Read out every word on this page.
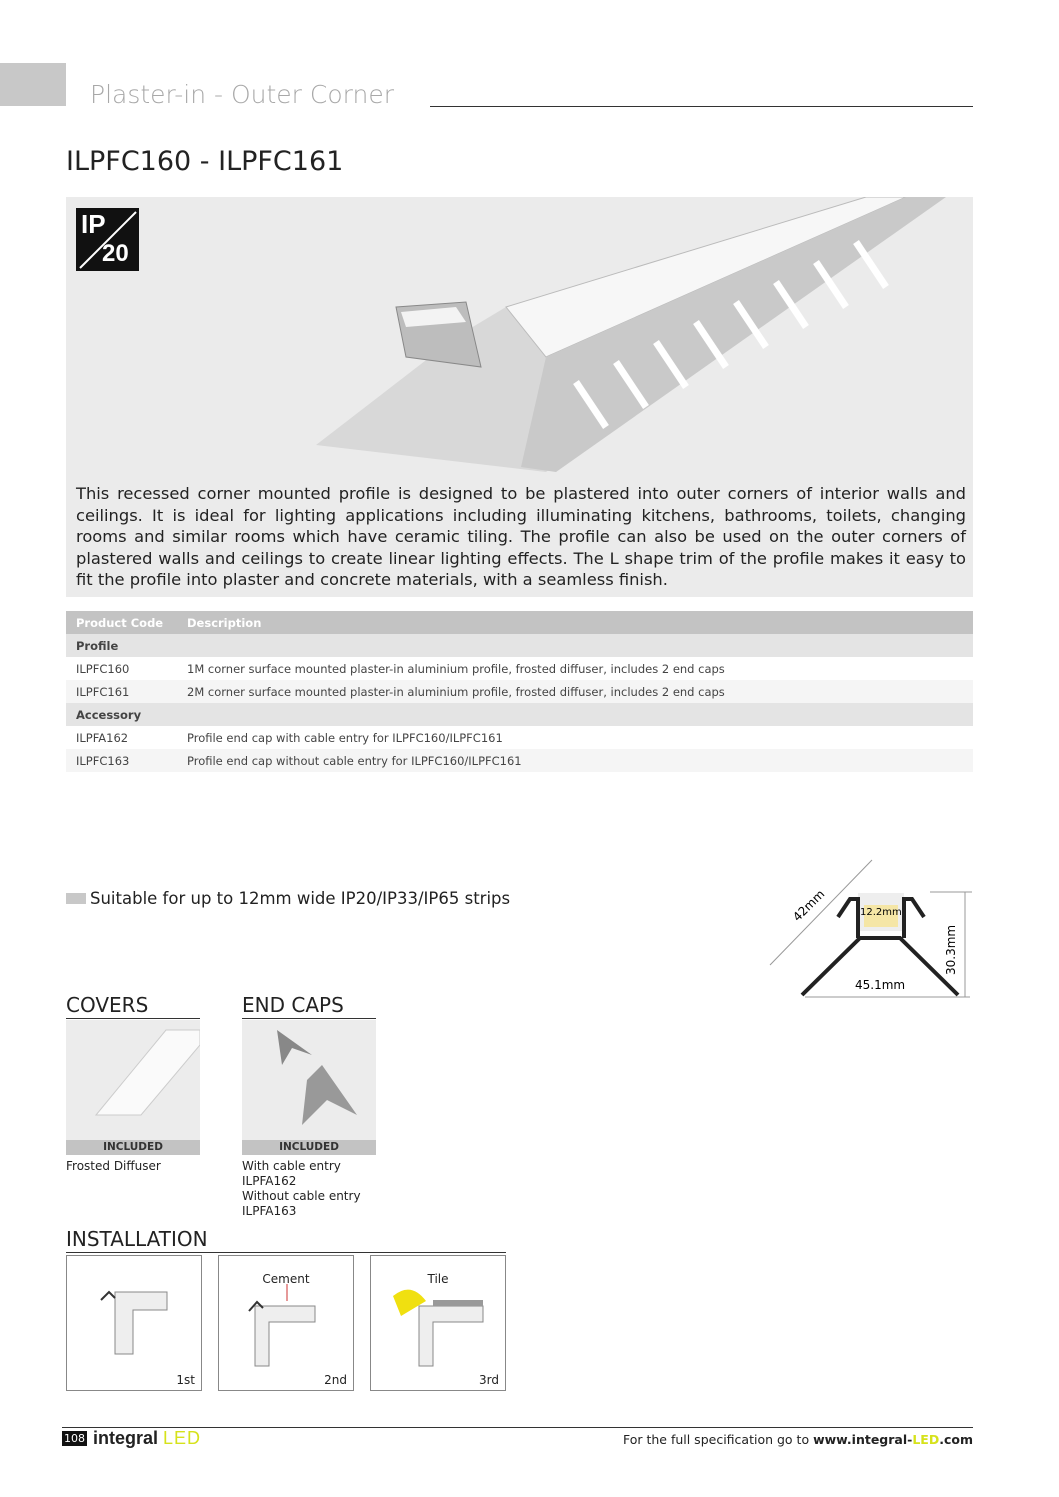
Plaster-in - Outer Corner
ILPFC160 - ILPFC161
IP
20

This recessed corner mounted profile is designed to be plastered into outer corners of interior walls and ceilings. It is ideal for lighting applications including illuminating kitchens, bathrooms, toilets, changing rooms and similar rooms which have ceramic tiling. The profile can also be used on the outer corners of plastered walls and ceilings to create linear lighting effects. The L shape trim of the profile makes it easy to fit the profile into plaster and concrete materials, with a seamless finish.

Product Code	Description
Profile	
ILPFC160	1M corner surface mounted plaster-in aluminium profile, frosted diffuser, includes 2 end caps
ILPFC161	2M corner surface mounted plaster-in aluminium profile, frosted diffuser, includes 2 end caps
Accessory	
ILPFA162	Profile end cap with cable entry for ILPFC160/ILPFC161
ILPFC163	Profile end cap without cable entry for ILPFC160/ILPFC161
Suitable for up to 12mm wide IP20/IP33/IP65 strips	42mm	12.2mm
30.3mm
45.1mm
COVERS	END CAPS
INCLUDED	INCLUDED
Frosted Diffuser	With cable entry
ILPFA162
Without cable entry
ILPFA163
INSTALLATION
1st
Cement
2nd
Tile
3rd
108 integral LED	For the full specification go to www.integral-LED.com
